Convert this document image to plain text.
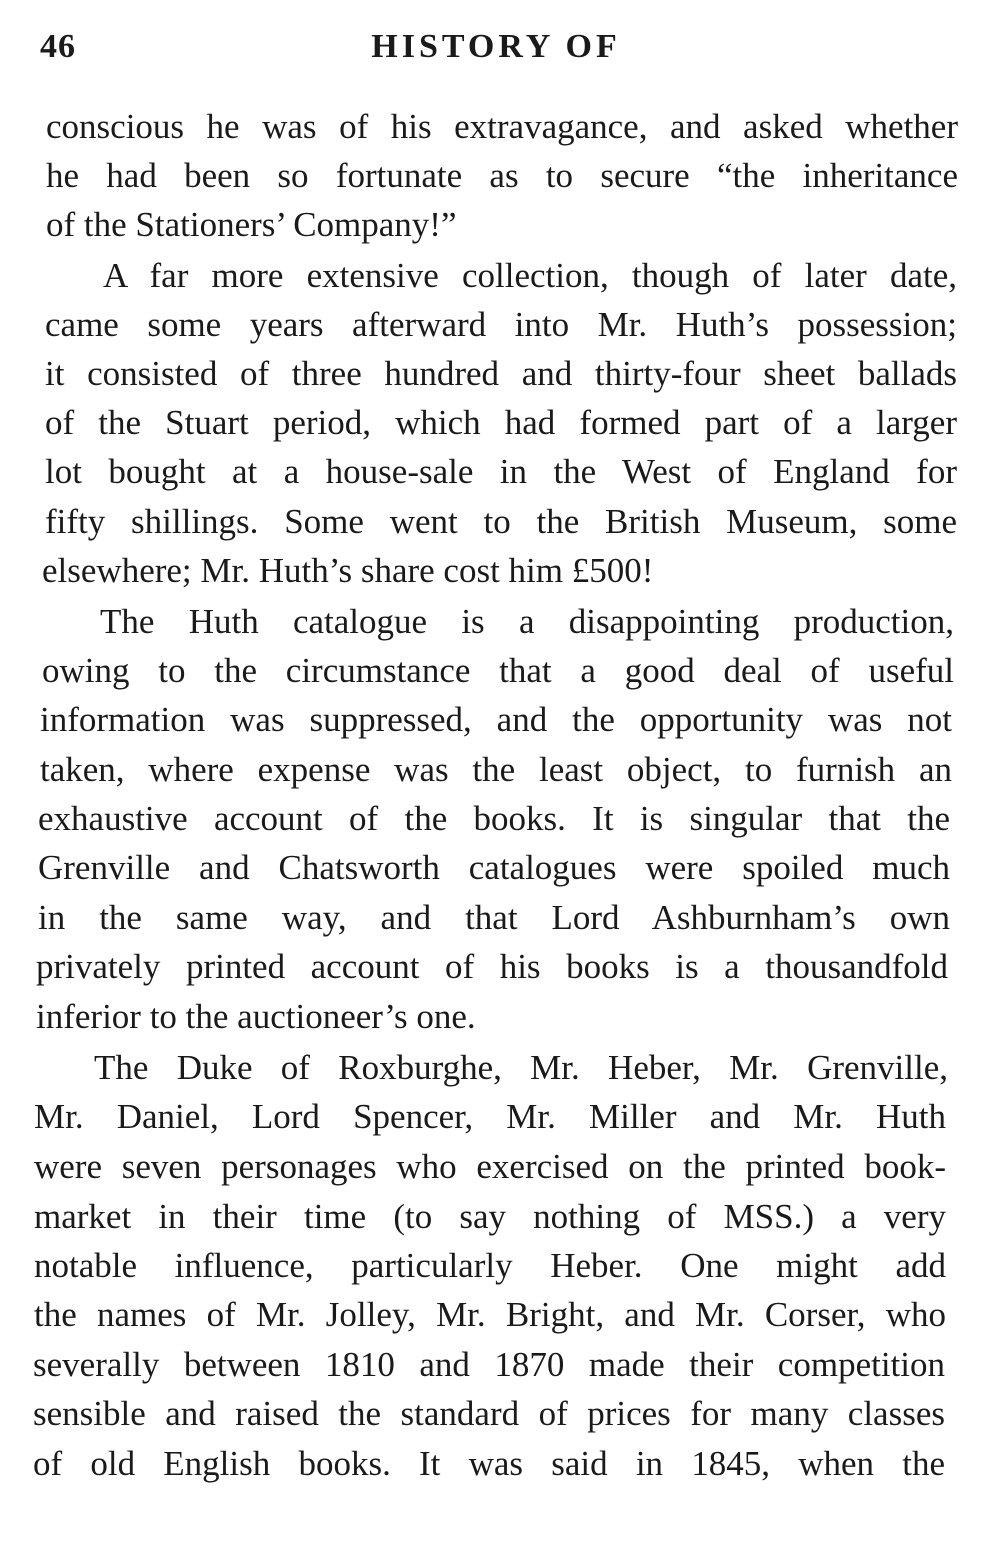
46	HISTORY OF
conscious he was of his extravagance, and asked whether
he had been so fortunate as to secure “the inheritance
of the Stationers’ Company!”
A far more extensive collection, though of later date,
came some years afterward into Mr. Huth’s possession;
it consisted of three hundred and thirty-four sheet ballads
of the Stuart period, which had formed part of a larger
lot bought at a house-sale in the West of England for
fifty shillings. Some went to the British Museum, some
elsewhere; Mr. Huth’s share cost him £500!
The Huth catalogue is a disappointing production,
owing to the circumstance that a good deal of useful
information was suppressed, and the opportunity was not
taken, where expense was the least object, to furnish an
exhaustive account of the books. It is singular that the
Grenville and Chatsworth catalogues were spoiled much
in the same way, and that Lord Ashburnham’s own
privately printed account of his books is a thousandfold
inferior to the auctioneer’s one.
The Duke of Roxburghe, Mr. Heber, Mr. Grenville,
Mr. Daniel, Lord Spencer, Mr. Miller and Mr. Huth
were seven personages who exercised on the printed book-
market in their time (to say nothing of MSS.) a very
notable influence, particularly Heber. One might add
the names of Mr. Jolley, Mr. Bright, and Mr. Corser, who
severally between 1810 and 1870 made their competition
sensible and raised the standard of prices for many classes
of old English books. It was said in 1845, when the
